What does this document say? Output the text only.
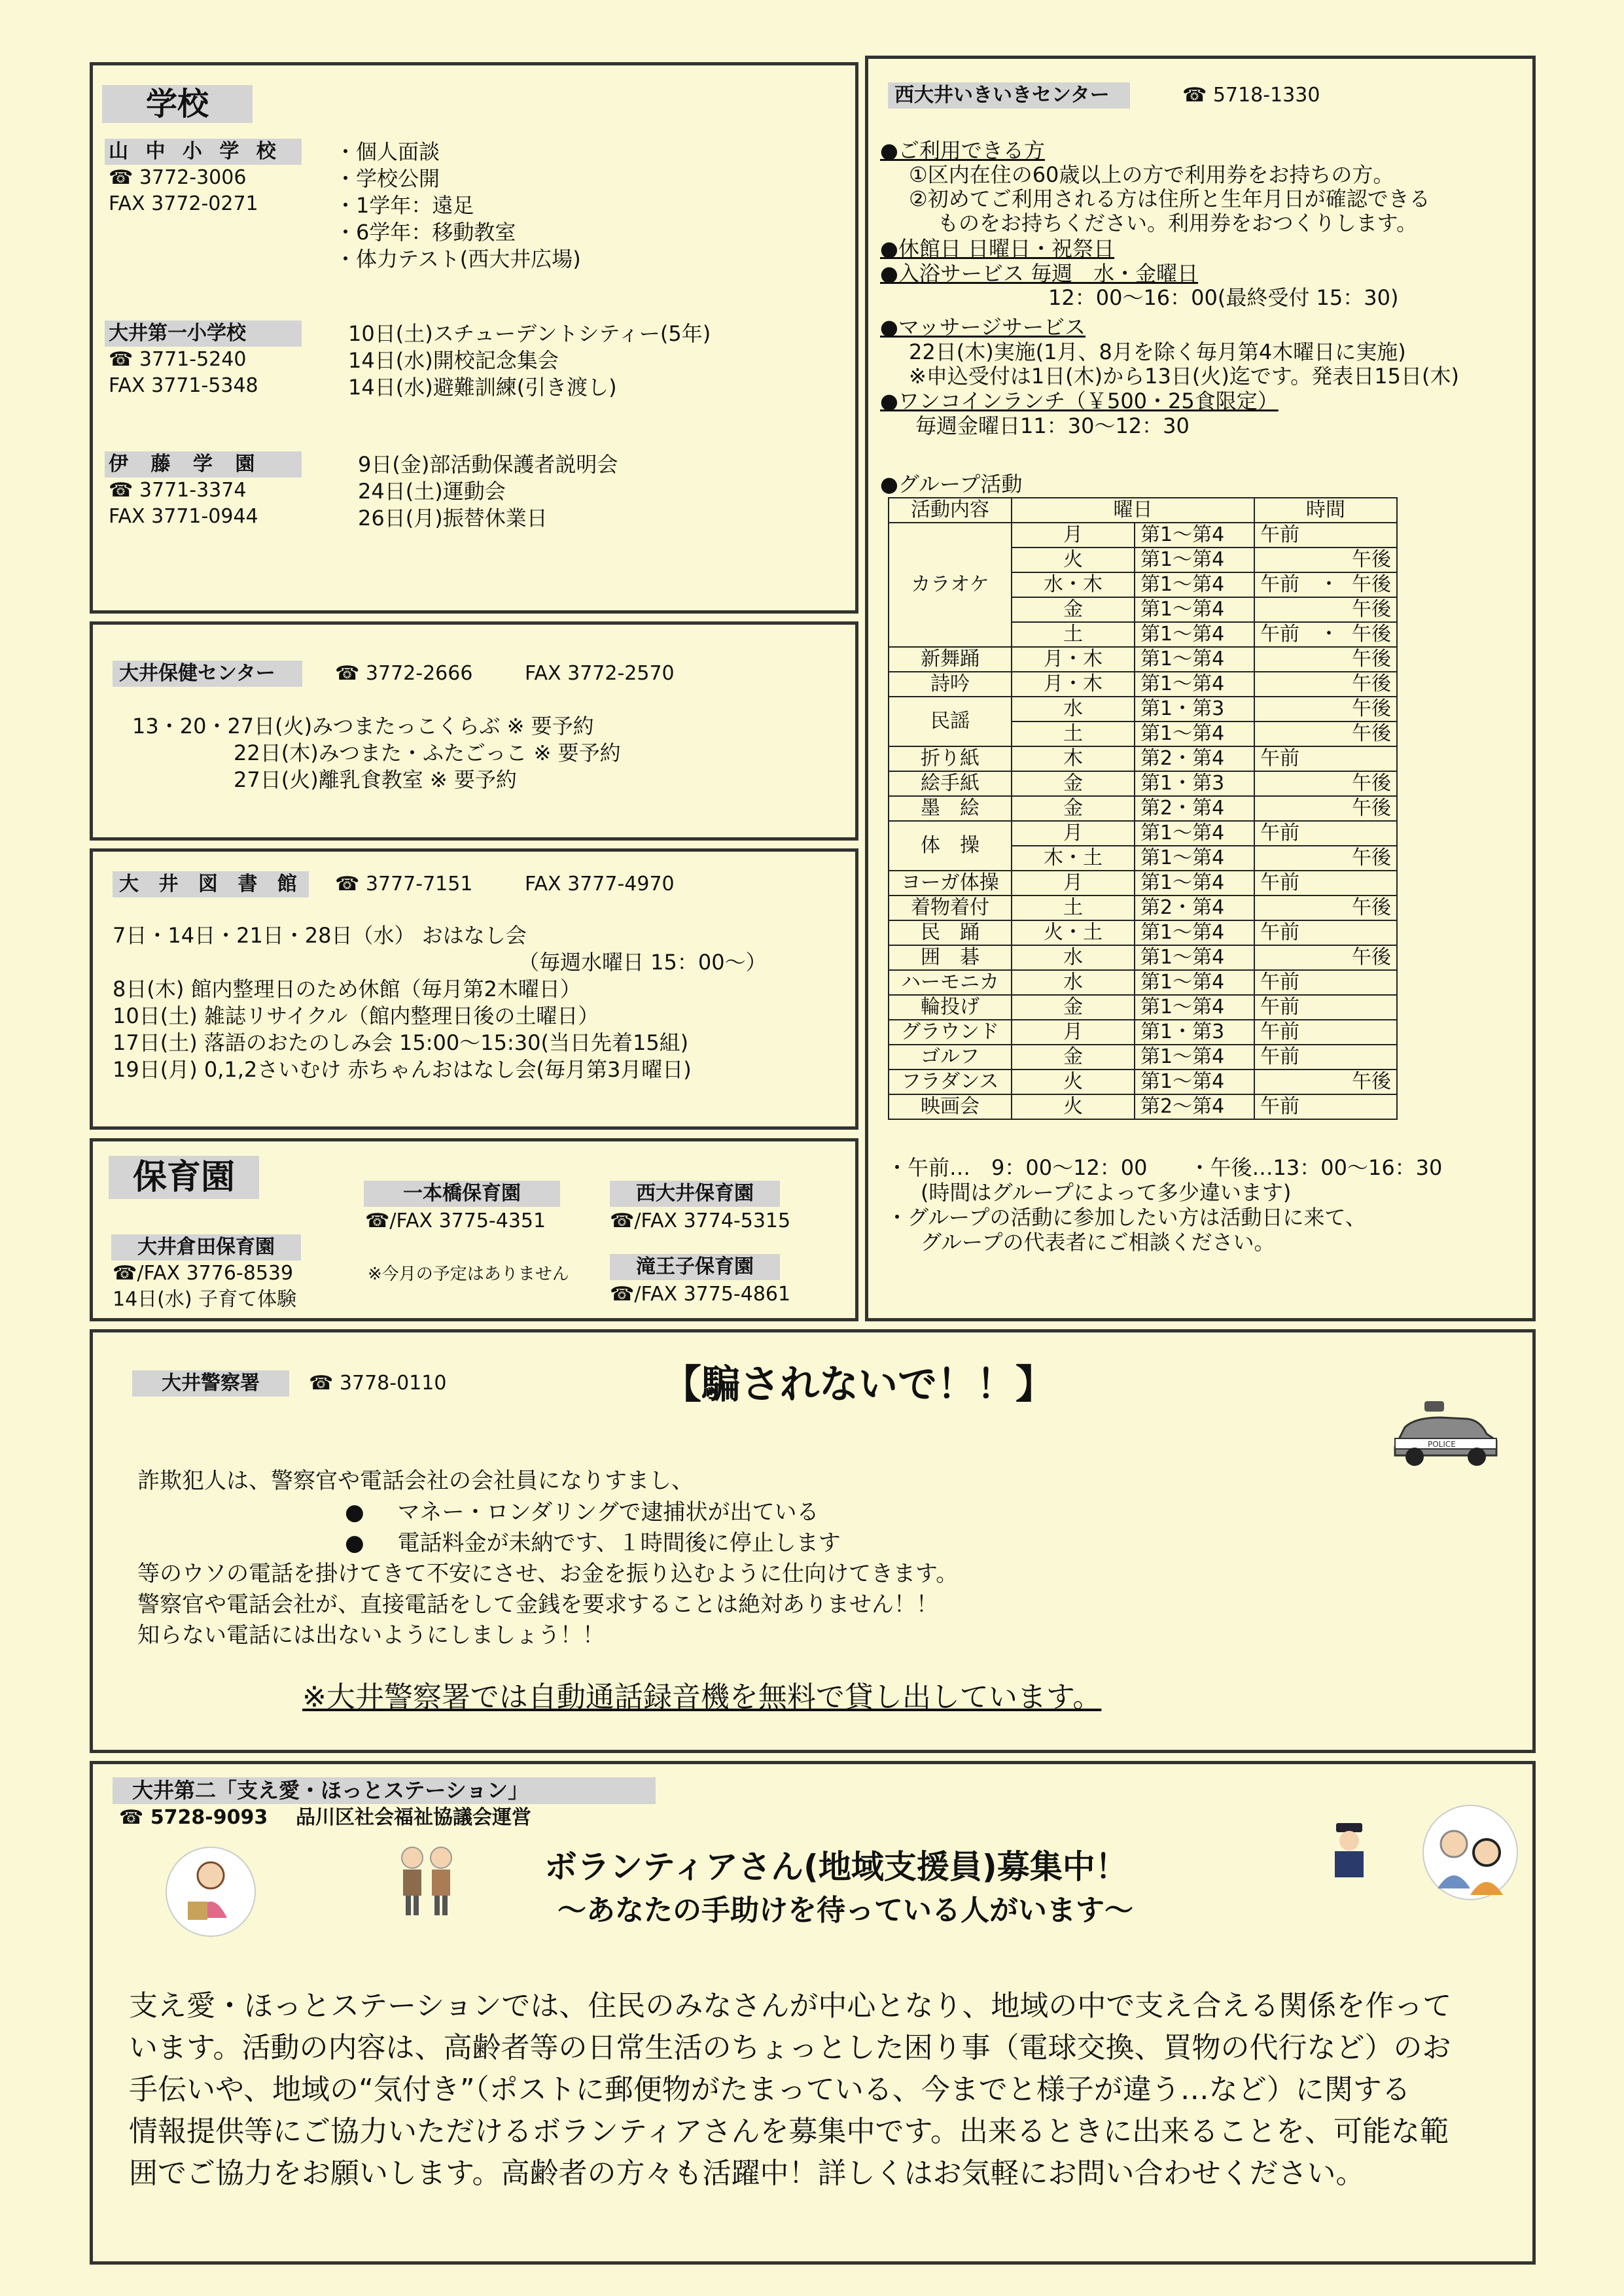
学校
山 中 小 学 校
☎ 3772-3006
FAX 3772-0271
・個人面談
・学校公開
・1学年：遠足
・6学年：移動教室
・体力テスト(西大井広場)
大井第一小学校
☎ 3771-5240
FAX 3771-5348
10日(土)スチューデントシティー(5年)
14日(水)開校記念集会
14日(水)避難訓練(引き渡し)
伊 藤 学 園
☎ 3771-3374
FAX 3771-0944
9日(金)部活動保護者説明会
24日(土)運動会
26日(月)振替休業日
大井保健センター	☎ 3772-2666	FAX 3772-2570
13・20・27日(火)みつまたっこくらぶ ※ 要予約
22日(木)みつまた・ふたごっこ ※ 要予約
27日(火)離乳食教室 ※ 要予約
大 井 図 書 館 ☎ 3777-7151	FAX 3777-4970
7日・14日・21日・28日（水） おはなし会
（毎週水曜日 15：00～）
8日(木) 館内整理日のため休館（毎月第2木曜日）
10日(土) 雑誌リサイクル（館内整理日後の土曜日）
17日(土) 落語のおたのしみ会 15:00～15:30(当日先着15組)
19日(月) 0,1,2さいむけ 赤ちゃんおはなし会(毎月第3月曜日)
保育園	一本橋保育園
☎/FAX 3775-4351
西大井保育園
☎/FAX 3774-5315
大井倉田保育園
☎/FAX 3776-8539
14日(水) 子育て体験
※今月の予定はありません	滝王子保育園
☎/FAX 3775-4861
西大井いきいきセンター	☎ 5718-1330
●ご利用できる方
①区内在住の60歳以上の方で利用券をお持ちの方。
②初めてご利用される方は住所と生年月日が確認できる
ものをお持ちください。利用券をおつくりします。
●休館日 日曜日・祝祭日
●入浴サービス 毎週　水・金曜日
12：00～16：00(最終受付 15：30)
●マッサージサービス
22日(木)実施(1月、8月を除く毎月第4木曜日に実施)
※申込受付は1日(木)から13日(火)迄です。発表日15日(木)
●ワンコインランチ（￥500・25食限定）
毎週金曜日11：30～12：30
●グループ活動
活動内容	曜日		時間
カラオケ	月	第1～第4	午前

	火	第1～第4	午後

	水・木	第1～第4	午前　・ 午後

	金	第1～第4	午後

	土	第1～第4	午前　・ 午後

新舞踊	月・木	第1～第4	午後

詩吟	月・木	第1～第4	午後

民謡	水	第1・第3	午後

	土	第1～第4	午後

折り紙	木	第2・第4	午前

絵手紙	金	第1・第3	午後

墨　絵	金	第2・第4	午後

体　操	月	第1～第4	午前

	木・土	第1～第4	午後

ヨーガ体操	月	第1～第4	午前

着物着付	土	第2・第4	午後

民　踊	火・土	第1～第4	午前

囲　碁	水	第1～第4	午後

ハーモニカ	水	第1～第4	午前

輪投げ	金	第1～第4	午前

グラウンド	月	第1・第3	午前

ゴルフ	金	第1～第4	午前

フラダンス	火	第1～第4	午後

映画会	火	第2～第4	午前
・午前…　9：00～12：00　　・午後…13：00～16：30
(時間はグループによって多少違います)
・グループの活動に参加したい方は活動日に来て、
グループの代表者にご相談ください。
大井警察署	☎ 3778-0110	【騙されないで！！】
POLICE
詐欺犯人は、警察官や電話会社の会社員になりすまし、
● マネー・ロンダリングで逮捕状が出ている
● 電話料金が未納です、１時間後に停止します
等のウソの電話を掛けてきて不安にさせ、お金を振り込むように仕向けてきます。
警察官や電話会社が、直接電話をして金銭を要求することは絶対ありません！！
知らない電話には出ないようにしましょう！！
※大井警察署では自動通話録音機を無料で貸し出しています。
大井第二「支え愛・ほっとステーション」
☎ 5728-9093 品川区社会福祉協議会運営
ボランティアさん(地域支援員)募集中！
～あなたの手助けを待っている人がいます～
支え愛・ほっとステーションでは、住民のみなさんが中心となり、地域の中で支え合える関係を作って
います。活動の内容は、高齢者等の日常生活のちょっとした困り事（電球交換、買物の代行など）のお
手伝いや、地域の“気付き”（ポストに郵便物がたまっている、今までと様子が違う…など）に関する
情報提供等にご協力いただけるボランティアさんを募集中です。出来るときに出来ることを、可能な範
囲でご協力をお願いします。高齢者の方々も活躍中！詳しくはお気軽にお問い合わせください。
